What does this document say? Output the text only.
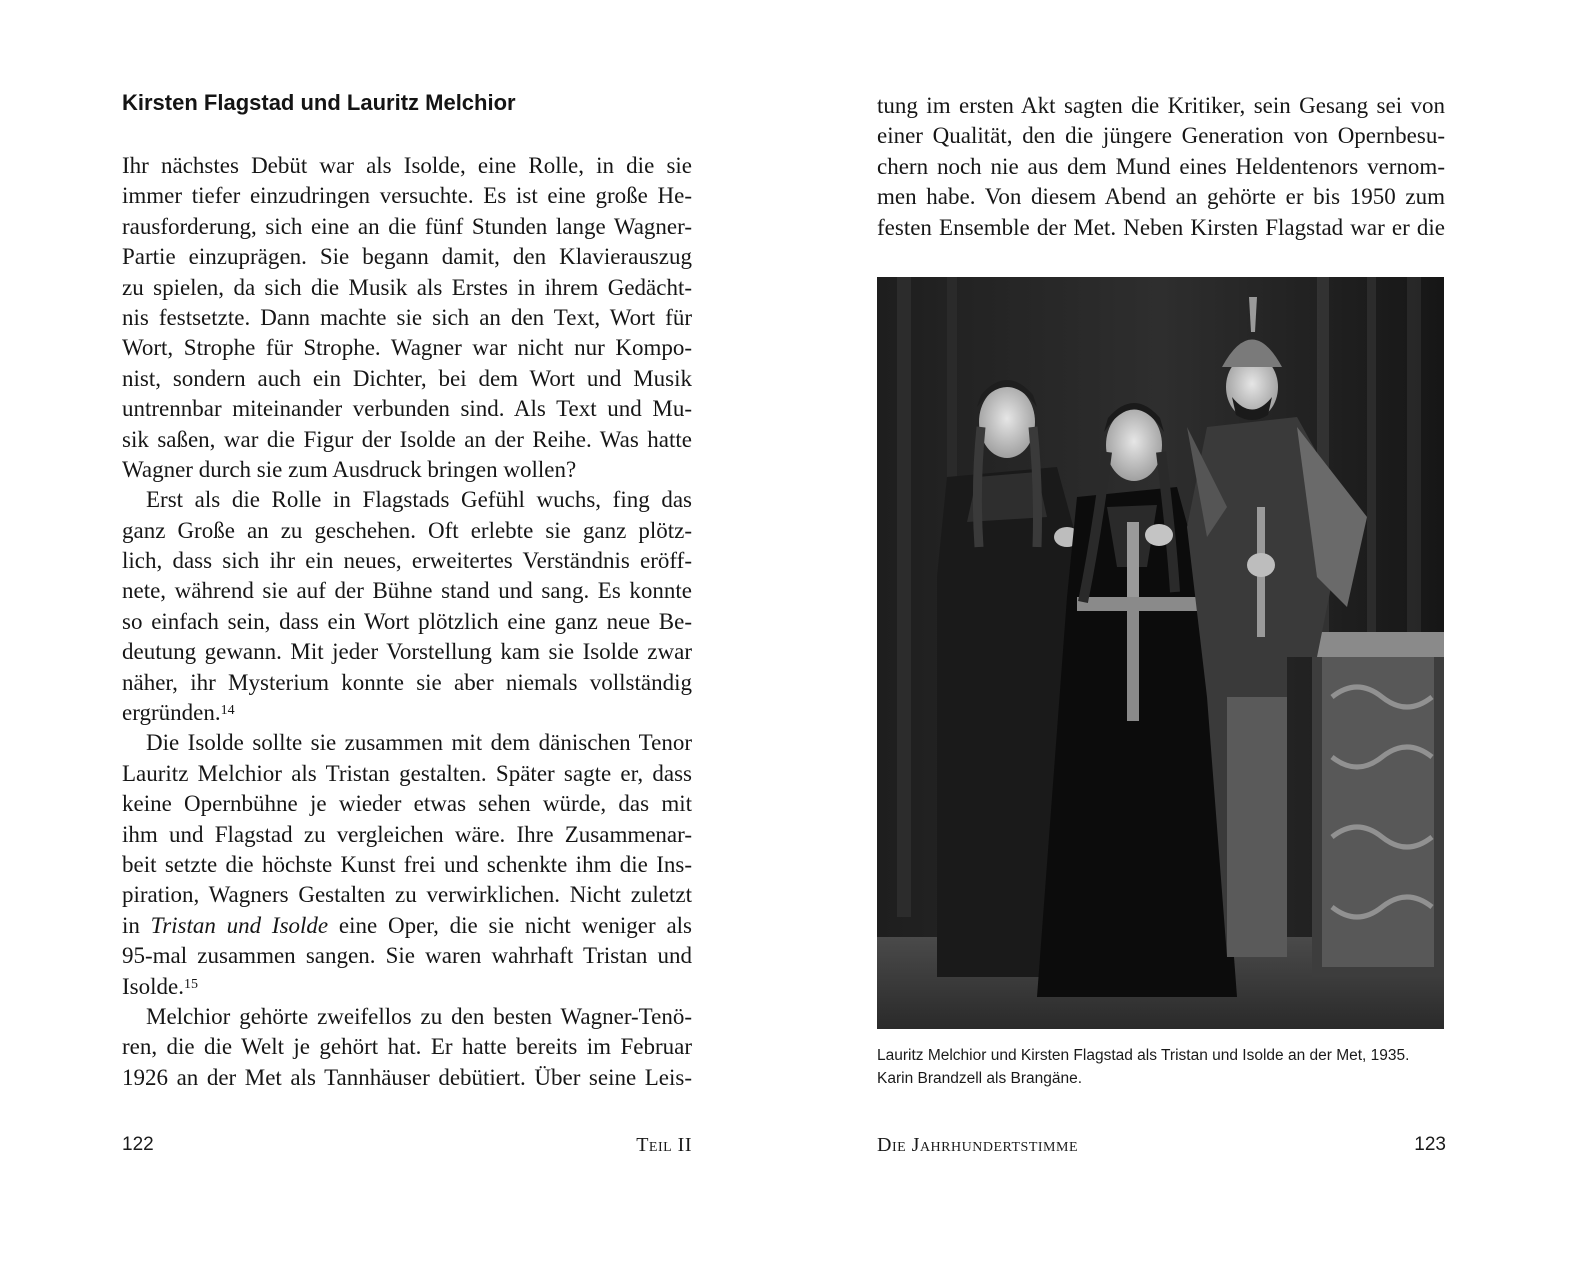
Kirsten Flagstad und Lauritz Melchior
Ihr nächstes Debüt war als Isolde, eine Rolle, in die sie
immer tiefer einzudringen versuchte. Es ist eine große He-
rausforderung, sich eine an die fünf Stunden lange Wagner-
Partie einzuprägen. Sie begann damit, den Klavierauszug
zu spielen, da sich die Musik als Erstes in ihrem Gedächt-
nis festsetzte. Dann machte sie sich an den Text, Wort für
Wort, Strophe für Strophe. Wagner war nicht nur Kompo-
nist, sondern auch ein Dichter, bei dem Wort und Musik
untrennbar miteinander verbunden sind. Als Text und Mu-
sik saßen, war die Figur der Isolde an der Reihe. Was hatte
Wagner durch sie zum Ausdruck bringen wollen?
Erst als die Rolle in Flagstads Gefühl wuchs, fing das
ganz Große an zu geschehen. Oft erlebte sie ganz plötz-
lich, dass sich ihr ein neues, erweitertes Verständnis eröff-
nete, während sie auf der Bühne stand und sang. Es konnte
so einfach sein, dass ein Wort plötzlich eine ganz neue Be-
deutung gewann. Mit jeder Vorstellung kam sie Isolde zwar
näher, ihr Mysterium konnte sie aber niemals vollständig
ergründen.$^{14}$
Die Isolde sollte sie zusammen mit dem dänischen Tenor
Lauritz Melchior als Tristan gestalten. Später sagte er, dass
keine Opernbühne je wieder etwas sehen würde, das mit
ihm und Flagstad zu vergleichen wäre. Ihre Zusammenar-
beit setzte die höchste Kunst frei und schenkte ihm die Ins-
piration, Wagners Gestalten zu verwirklichen. Nicht zuletzt
in Tristan und Isolde eine Oper, die sie nicht weniger als
95-mal zusammen sangen. Sie waren wahrhaft Tristan und
Isolde.$^{15}$
Melchior gehörte zweifellos zu den besten Wagner-Tenö-
ren, die die Welt je gehört hat. Er hatte bereits im Februar
1926 an der Met als Tannhäuser debütiert. Über seine Leis-
122	Teil II
tung im ersten Akt sagten die Kritiker, sein Gesang sei von
einer Qualität, den die jüngere Generation von Opernbesu-
chern noch nie aus dem Mund eines Heldentenors vernom-
men habe. Von diesem Abend an gehörte er bis 1950 zum
festen Ensemble der Met. Neben Kirsten Flagstad war er die
Lauritz Melchior und Kirsten Flagstad als Tristan und Isolde an der Met, 1935.
Karin Brandzell als Brangäne.
Die Jahrhundertstimme	123
